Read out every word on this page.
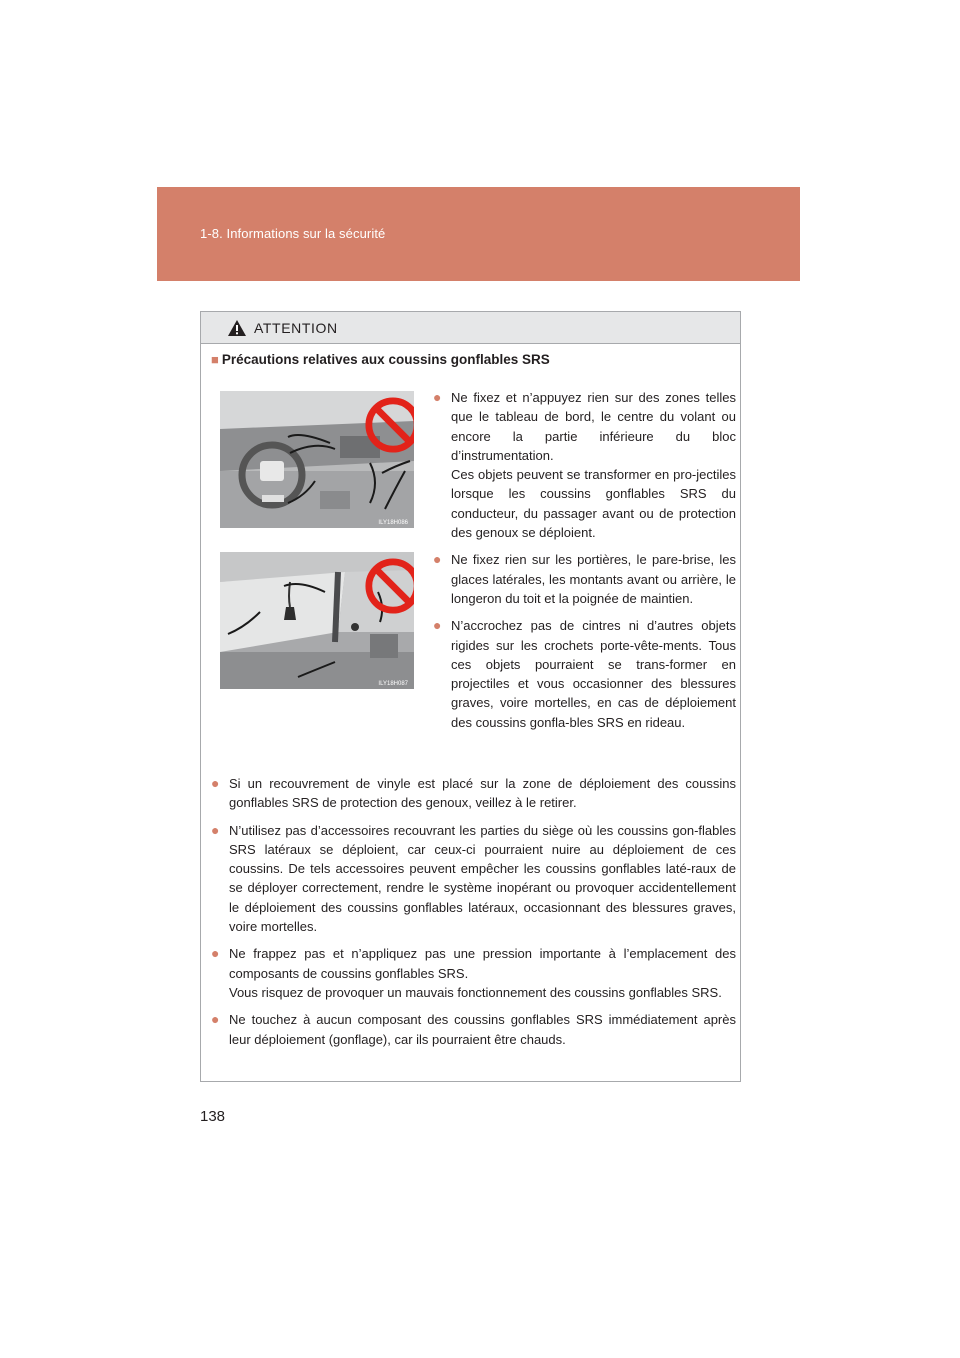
1-8. Informations sur la sécurité
ATTENTION
■ Précautions relatives aux coussins gonflables SRS
ILY18H086
ILY18H087
● Ne fixez et n’appuyez rien sur des zones telles que le tableau de bord, le centre du volant ou encore la partie inférieure du bloc d’instrumentation.
Ces objets peuvent se transformer en pro-jectiles lorsque les coussins gonflables SRS du conducteur, du passager avant ou de protection des genoux se déploient.
● Ne fixez rien sur les portières, le pare-brise, les glaces latérales, les montants avant ou arrière, le longeron du toit et la poignée de maintien.
● N’accrochez pas de cintres ni d’autres objets rigides sur les crochets porte-vête-ments. Tous ces objets pourraient se trans-former en projectiles et vous occasionner des blessures graves, voire mortelles, en cas de déploiement des coussins gonfla-bles SRS en rideau.
● Si un recouvrement de vinyle est placé sur la zone de déploiement des coussins gonflables SRS de protection des genoux, veillez à le retirer.
● N’utilisez pas d’accessoires recouvrant les parties du siège où les coussins gon-flables SRS latéraux se déploient, car ceux-ci pourraient nuire au déploiement de ces coussins. De tels accessoires peuvent empêcher les coussins gonflables laté-raux de se déployer correctement, rendre le système inopérant ou provoquer accidentellement le déploiement des coussins gonflables latéraux, occasionnant des blessures graves, voire mortelles.
● Ne frappez pas et n’appliquez pas une pression importante à l’emplacement des composants de coussins gonflables SRS.
Vous risquez de provoquer un mauvais fonctionnement des coussins gonflables SRS.
● Ne touchez à aucun composant des coussins gonflables SRS immédiatement après leur déploiement (gonflage), car ils pourraient être chauds.
138
